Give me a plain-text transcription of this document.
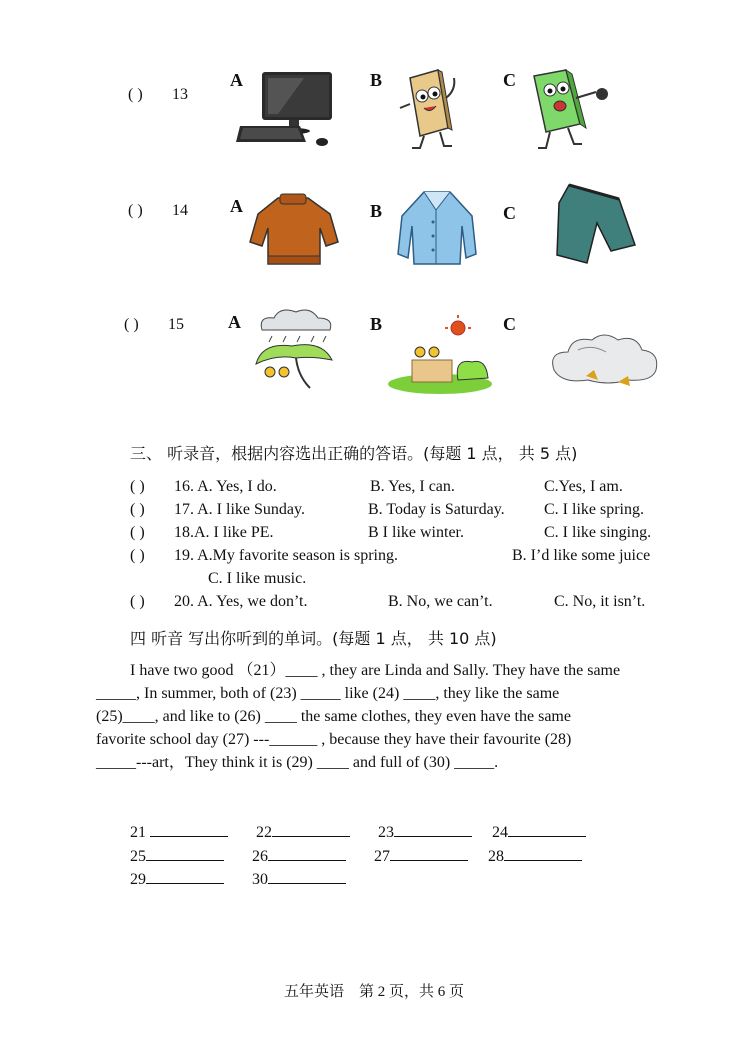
( ) 13
A	B	C
( ) 14 A	B	C
( ) 15 A	B	C
三、 听录音，根据内容选出正确的答语。(每题 1 点， 共 5 点)
( ) 16. A. Yes, I do.	B. Yes, I can.	C.Yes, I am.
( ) 17. A. I like Sunday.	B. Today is Saturday. C. I like spring.
( ) 18.A. I like PE.	B I like winter.	C. I like singing.
( ) 19. A.My favorite season is spring.	B. I’d like some juice
C. I like music.
( ) 20. A. Yes, we don’t.	B. No, we can’t.	C. No, it isn’t.
四 听音 写出你听到的单词。(每题 1 点， 共 10 点)
I have two good （21）____ , they are Linda and Sally. They have the same
_____, In summer, both of (23) _____ like (24) ____, they like the same
(25)____, and like to (26) ____ the same clothes, they even have the same
favorite school day (27) ---______ , because they have their favourite (28)
_____---art，They think it is (29) ____ and full of (30) _____.
21	22	23	24
25	26	27	28
29	30
五年英语    第 2 页，共 6 页
